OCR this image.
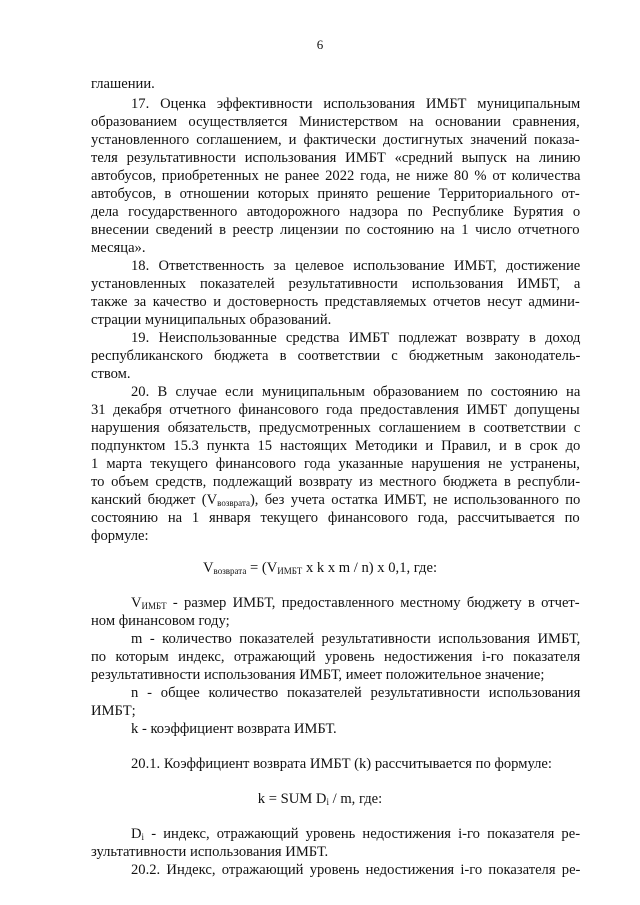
6
глашении.
17. Оценка эффективности использования ИМБТ муниципальным
образованием осуществляется Министерством на основании сравнения,
установленного соглашением, и фактически достигнутых значений показа-
теля результативности использования ИМБТ «средний выпуск на линию
автобусов, приобретенных не ранее 2022 года, не ниже 80 % от количества
автобусов, в отношении которых принято решение Территориального от-
дела государственного автодорожного надзора по Республике Бурятия о
внесении сведений в реестр лицензии по состоянию на 1 число отчетного
месяца».
18. Ответственность за целевое использование ИМБТ, достижение
установленных показателей результативности использования ИМБТ, а
также за качество и достоверность представляемых отчетов несут админи-
страции муниципальных образований.
19. Неиспользованные средства ИМБТ подлежат возврату в доход
республиканского бюджета в соответствии с бюджетным законодатель-
ством.
20. В случае если муниципальным образованием по состоянию на
31 декабря отчетного финансового года предоставления ИМБТ допущены
нарушения обязательств, предусмотренных соглашением в соответствии с
подпунктом 15.3 пункта 15 настоящих Методики и Правил, и в срок до
1 марта текущего финансового года указанные нарушения не устранены,
то объем средств, подлежащий возврату из местного бюджета в республи-
канский бюджет $(V_{возврата})$, без учета остатка ИМБТ, не использованного по
состоянию на 1 января текущего финансового года, рассчитывается по
формуле:
$V_{возврата} = (V_{ИМБТ}$ x k x m / n) x 0,1, где:
$V_{ИМБТ}$ - размер ИМБТ, предоставленного местному бюджету в отчет-
ном финансовом году;
m - количество показателей результативности использования ИМБТ,
по которым индекс, отражающий уровень недостижения i-го показателя
результативности использования ИМБТ, имеет положительное значение;
n - общее количество показателей результативности использования
ИМБТ;
k - коэффициент возврата ИМБТ.
20.1. Коэффициент возврата ИМБТ (k) рассчитывается по формуле:
k = SUM $D_i$ / m, где:
$D_i$ - индекс, отражающий уровень недостижения i-го показателя ре-
зультативности использования ИМБТ.
20.2. Индекс, отражающий уровень недостижения i-го показателя ре-
